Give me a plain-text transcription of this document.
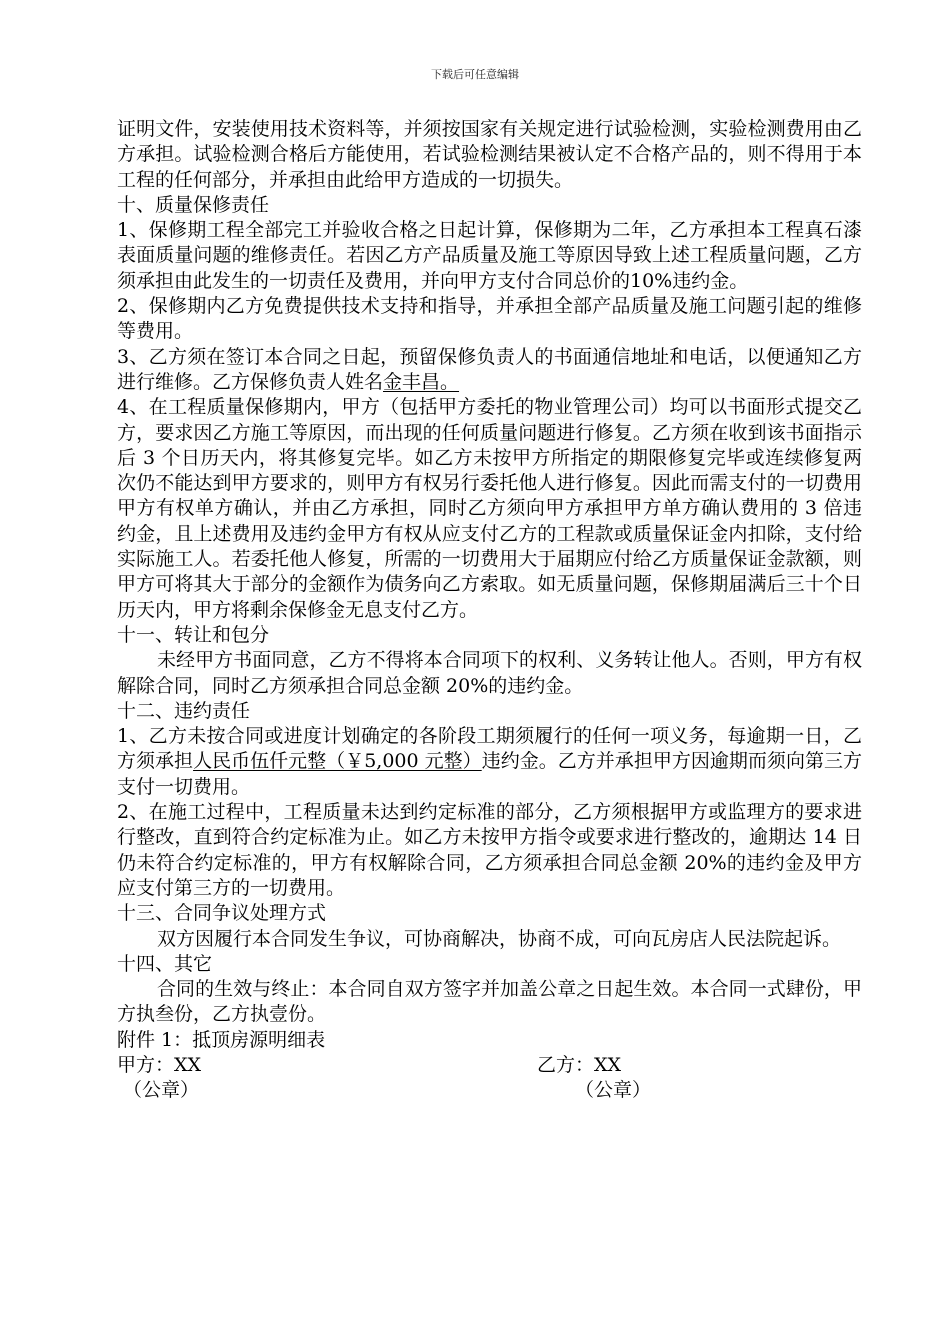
下载后可任意编辑

证明文件，安装使用技术资料等，并须按国家有关规定进行试验检测，实验检测费用由乙方承担。试验检测合格后方能使用，若试验检测结果被认定不合格产品的，则不得用于本工程的任何部分，并承担由此给甲方造成的一切损失。

十、质量保修责任

1、保修期工程全部完工并验收合格之日起计算，保修期为二年，乙方承担本工程真石漆表面质量问题的维修责任。若因乙方产品质量及施工等原因导致上述工程质量问题，乙方须承担由此发生的一切责任及费用，并向甲方支付合同总价的10%违约金。

2、保修期内乙方免费提供技术支持和指导，并承担全部产品质量及施工问题引起的维修等费用。

3、乙方须在签订本合同之日起，预留保修负责人的书面通信地址和电话，以便通知乙方进行维修。乙方保修负责人姓名金丰昌。

4、在工程质量保修期内，甲方（包括甲方委托的物业管理公司）均可以书面形式提交乙方，要求因乙方施工等原因，而出现的任何质量问题进行修复。乙方须在收到该书面指示后 3 个日历天内，将其修复完毕。如乙方未按甲方所指定的期限修复完毕或连续修复两次仍不能达到甲方要求的，则甲方有权另行委托他人进行修复。因此而需支付的一切费用甲方有权单方确认，并由乙方承担，同时乙方须向甲方承担甲方单方确认费用的 3 倍违约金，且上述费用及违约金甲方有权从应支付乙方的工程款或质量保证金内扣除，支付给实际施工人。若委托他人修复，所需的一切费用大于届期应付给乙方质量保证金款额，则甲方可将其大于部分的金额作为债务向乙方索取。如无质量问题，保修期届满后三十个日历天内，甲方将剩余保修金无息支付乙方。

十一、转让和包分

未经甲方书面同意，乙方不得将本合同项下的权利、义务转让他人。否则，甲方有权解除合同，同时乙方须承担合同总金额 20%的违约金。

十二、违约责任

1、乙方未按合同或进度计划确定的各阶段工期须履行的任何一项义务，每逾期一日，乙方须承担人民币伍仟元整（￥5,000 元整）违约金。乙方并承担甲方因逾期而须向第三方支付一切费用。

2、在施工过程中，工程质量未达到约定标准的部分，乙方须根据甲方或监理方的要求进行整改，直到符合约定标准为止。如乙方未按甲方指令或要求进行整改的，逾期达 14 日仍未符合约定标准的，甲方有权解除合同，乙方须承担合同总金额 20%的违约金及甲方应支付第三方的一切费用。

十三、合同争议处理方式

双方因履行本合同发生争议，可协商解决，协商不成，可向瓦房店人民法院起诉。

十四、其它

合同的生效与终止：本合同自双方签字并加盖公章之日起生效。本合同一式肆份，甲方执叁份，乙方执壹份。

附件 1：抵顶房源明细表

甲方：XX	乙方：XX
（公章）	（公章）
